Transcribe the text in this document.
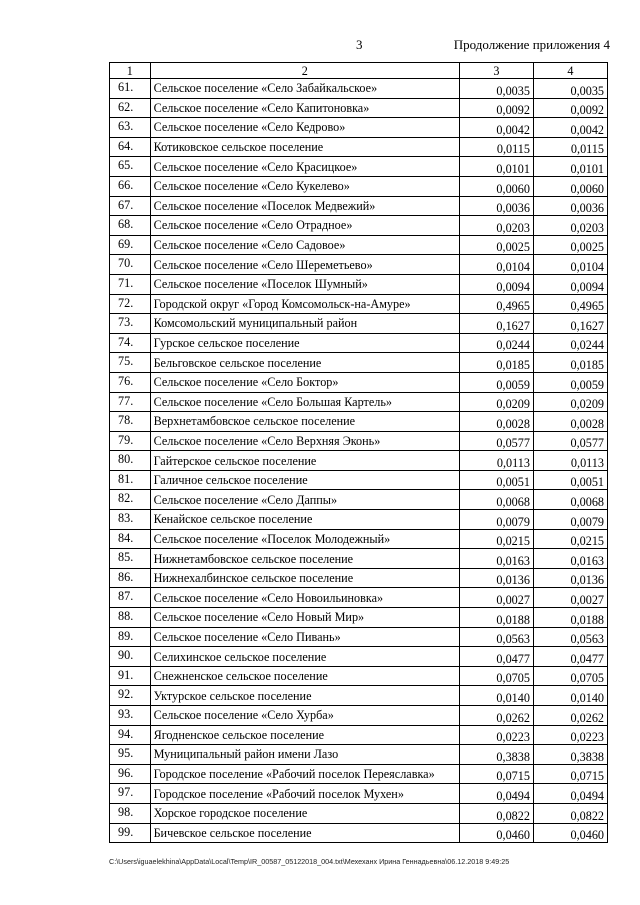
3	Продолжение приложения 4
1	2	3	4
61.	Сельское поселение «Село Забайкальское»	0,0035	0,0035
62.	Сельское поселение «Село Капитоновка»	0,0092	0,0092
63.	Сельское поселение «Село Кедрово»	0,0042	0,0042
64.	Котиковское сельское поселение	0,0115	0,0115
65.	Сельское поселение «Село Красицкое»	0,0101	0,0101
66.	Сельское поселение «Село Кукелево»	0,0060	0,0060
67.	Сельское поселение «Поселок Медвежий»	0,0036	0,0036
68.	Сельское поселение «Село Отрадное»	0,0203	0,0203
69.	Сельское поселение «Село Садовое»	0,0025	0,0025
70.	Сельское поселение «Село Шереметьево»	0,0104	0,0104
71.	Сельское поселение «Поселок Шумный»	0,0094	0,0094
72.	Городской округ «Город Комсомольск-на-Амуре»	0,4965	0,4965
73.	Комсомольский муниципальный район	0,1627	0,1627
74.	Гурское сельское поселение	0,0244	0,0244
75.	Бельговское сельское поселение	0,0185	0,0185
76.	Сельское поселение «Село Боктор»	0,0059	0,0059
77.	Сельское поселение «Село Большая Картель»	0,0209	0,0209
78.	Верхнетамбовское сельское поселение	0,0028	0,0028
79.	Сельское поселение «Село Верхняя Эконь»	0,0577	0,0577
80.	Гайтерское сельское поселение	0,0113	0,0113
81.	Галичное сельское поселение	0,0051	0,0051
82.	Сельское поселение «Село Даппы»	0,0068	0,0068
83.	Кенайское сельское поселение	0,0079	0,0079
84.	Сельское поселение «Поселок Молодежный»	0,0215	0,0215
85.	Нижнетамбовское сельское поселение	0,0163	0,0163
86.	Нижнехалбинское сельское поселение	0,0136	0,0136
87.	Сельское поселение «Село Новоильиновка»	0,0027	0,0027
88.	Сельское поселение «Село Новый Мир»	0,0188	0,0188
89.	Сельское поселение «Село Пивань»	0,0563	0,0563
90.	Селихинское сельское поселение	0,0477	0,0477
91.	Снежненское сельское поселение	0,0705	0,0705
92.	Уктурское сельское поселение	0,0140	0,0140
93.	Сельское поселение «Село Хурба»	0,0262	0,0262
94.	Ягодненское сельское поселение	0,0223	0,0223
95.	Муниципальный район имени Лазо	0,3838	0,3838
96.	Городское поселение «Рабочий поселок Переяславка»	0,0715	0,0715
97.	Городское поселение «Рабочий поселок Мухен»	0,0494	0,0494
98.	Хорское городское поселение	0,0822	0,0822
99.	Бичевское сельское поселение	0,0460	0,0460
C:\Users\iguaelekhina\AppData\Local\Temp\IR_00587_05122018_004.txt\Мехеханх Ирина Геннадьевна\06.12.2018 9:49:25
